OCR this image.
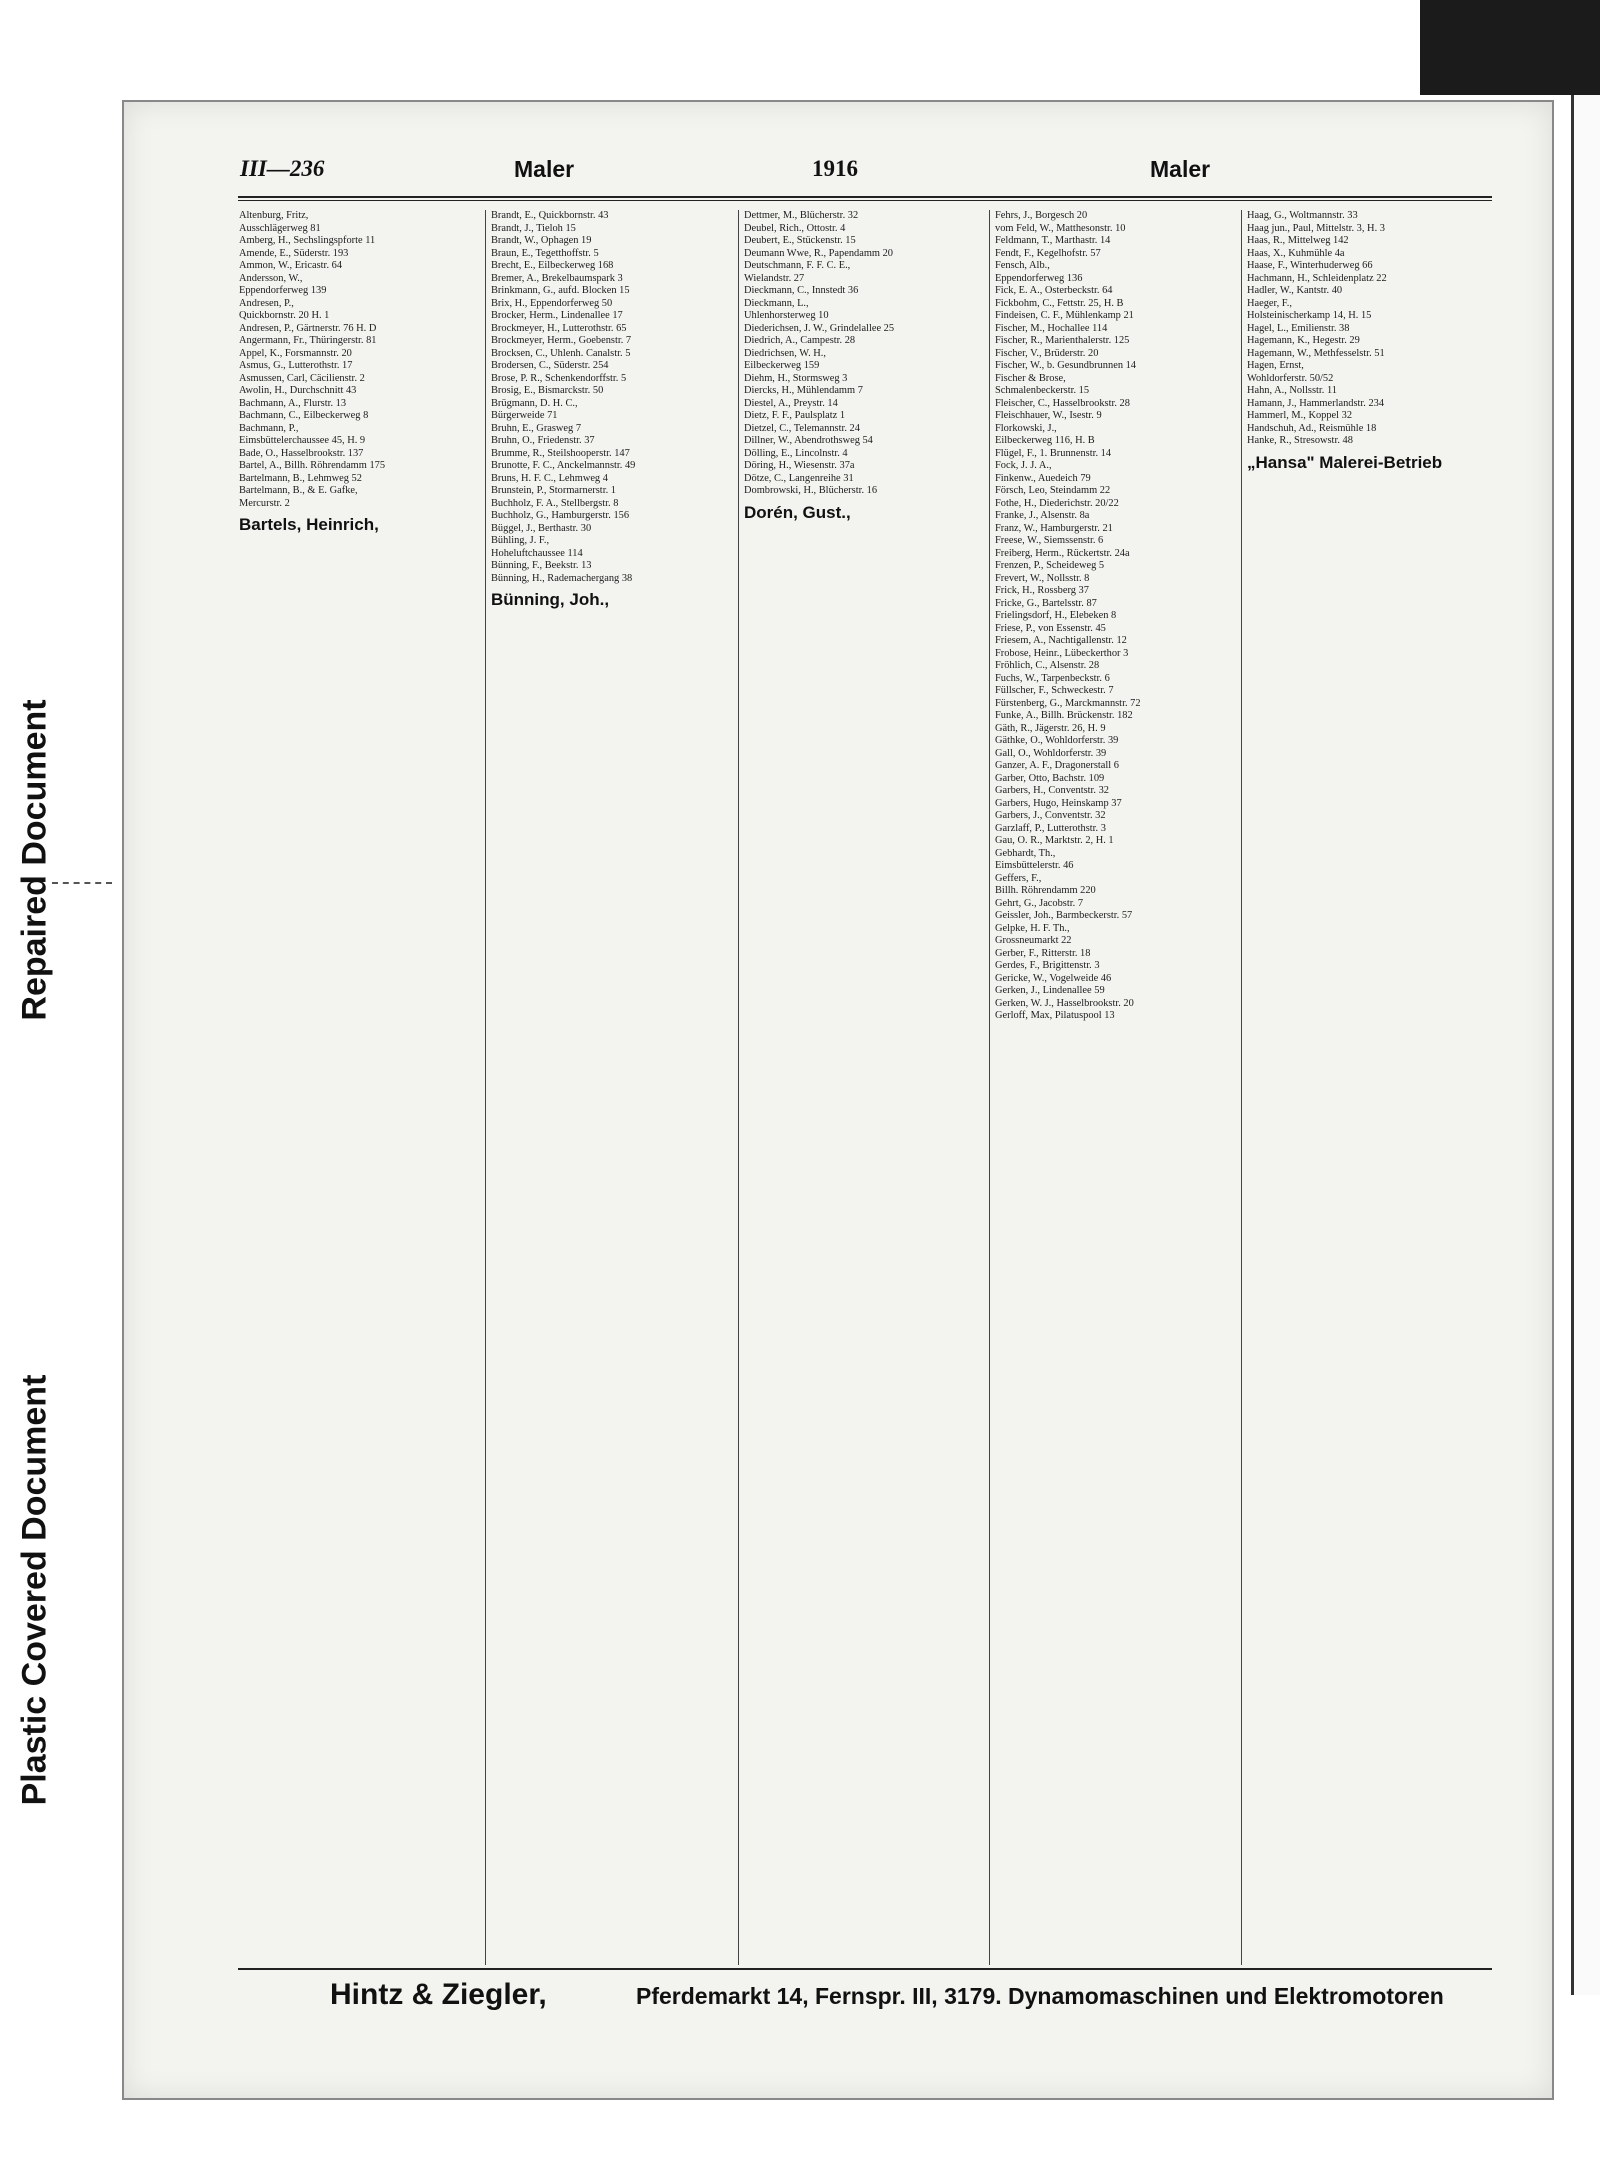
Repaired Document
Plastic Covered Document
III—236	Maler	1916	Maler
Altenburg, Fritz,
Ausschlägerweg 81
Amberg, H., Sechslingspforte 11
Amende, E., Süderstr. 193
Ammon, W., Ericastr. 64
Andersson, W.,
Eppendorferweg 139
Andresen, P.,
Quickbornstr. 20 H. 1
Andresen, P., Gärtnerstr. 76 H. D
Angermann, Fr., Thüringerstr. 81
Appel, K., Forsmannstr. 20
Asmus, G., Lutterothstr. 17
Asmussen, Carl, Cäcilienstr. 2
Awolin, H., Durchschnitt 43
Bachmann, A., Flurstr. 13
Bachmann, C., Eilbeckerweg 8
Bachmann, P.,
Eimsbüttelerchaussee 45, H. 9
Bade, O., Hasselbrookstr. 137
Bartel, A., Billh. Röhrendamm 175
Bartelmann, B., Lehmweg 52
Bartelmann, B., & E. Gafke,
Mercurstr. 2
Bartels, Heinrich,
Brandt, E., Quickbornstr. 43
Brandt, J., Tieloh 15
Brandt, W., Ophagen 19
Braun, E., Tegetthoffstr. 5
Brecht, E., Eilbeckerweg 168
Bremer, A., Brekelbaumspark 3
Brinkmann, G., aufd. Blocken 15
Brix, H., Eppendorferweg 50
Brocker, Herm., Lindenallee 17
Brockmeyer, H., Lutterothstr. 65
Brockmeyer, Herm., Goebenstr. 7
Brocksen, C., Uhlenh. Canalstr. 5
Brodersen, C., Süderstr. 254
Brose, P. R., Schenkendorffstr. 5
Brosig, E., Bismarckstr. 50
Brügmann, D. H. C.,
Bürgerweide 71
Bruhn, E., Grasweg 7
Bruhn, O., Friedenstr. 37
Brumme, R., Steilshooperstr. 147
Brunotte, F. C., Anckelmannstr. 49
Bruns, H. F. C., Lehmweg 4
Brunstein, P., Stormarnerstr. 1
Buchholz, F. A., Stellbergstr. 8
Buchholz, G., Hamburgerstr. 156
Büggel, J., Berthastr. 30
Bühling, J. F.,
Hoheluftchaussee 114
Bünning, F., Beekstr. 13
Bünning, H., Rademachergang 38
Bünning, Joh.,
Dettmer, M., Blücherstr. 32
Deubel, Rich., Ottostr. 4
Deubert, E., Stückenstr. 15
Deumann Wwe, R., Papendamm 20
Deutschmann, F. F. C. E.,
Wielandstr. 27
Dieckmann, C., Innstedt 36
Dieckmann, L.,
Uhlenhorsterweg 10
Diederichsen, J. W., Grindelallee 25
Diedrich, A., Campestr. 28
Diedrichsen, W. H.,
Eilbeckerweg 159
Diehm, H., Stormsweg 3
Diercks, H., Mühlendamm 7
Diestel, A., Preystr. 14
Dietz, F. F., Paulsplatz 1
Dietzel, C., Telemannstr. 24
Dillner, W., Abendrothsweg 54
Dölling, E., Lincolnstr. 4
Döring, H., Wiesenstr. 37a
Dötze, C., Langenreihe 31
Dombrowski, H., Blücherstr. 16
Dorén, Gust.,
Fehrs, J., Borgesch 20
vom Feld, W., Matthesonstr. 10
Feldmann, T., Marthastr. 14
Fendt, F., Kegelhofstr. 57
Fensch, Alb.,
Eppendorferweg 136
Fick, E. A., Osterbeckstr. 64
Fickbohm, C., Fettstr. 25, H. B
Findeisen, C. F., Mühlenkamp 21
Fischer, M., Hochallee 114
Fischer, R., Marienthalerstr. 125
Fischer, V., Brüderstr. 20
Fischer, W., b. Gesundbrunnen 14
Fischer & Brose,
Schmalenbeckerstr. 15
Fleischer, C., Hasselbrookstr. 28
Fleischhauer, W., Isestr. 9
Florkowski, J.,
Eilbeckerweg 116, H. B
Flügel, F., 1. Brunnenstr. 14
Fock, J. J. A.,
Finkenw., Auedeich 79
Försch, Leo, Steindamm 22
Fothe, H., Diederichstr. 20/22
Franke, J., Alsenstr. 8a
Franz, W., Hamburgerstr. 21
Freese, W., Siemssenstr. 6
Freiberg, Herm., Rückertstr. 24a
Frenzen, P., Scheideweg 5
Frevert, W., Nollsstr. 8
Frick, H., Rossberg 37
Fricke, G., Bartelsstr. 87
Frielingsdorf, H., Elebeken 8
Friese, P., von Essenstr. 45
Friesem, A., Nachtigallenstr. 12
Frobose, Heinr., Lübeckerthor 3
Fröhlich, C., Alsenstr. 28
Fuchs, W., Tarpenbeckstr. 6
Füllscher, F., Schweckestr. 7
Fürstenberg, G., Marckmannstr. 72
Funke, A., Billh. Brückenstr. 182
Gäth, R., Jägerstr. 26, H. 9
Gäthke, O., Wohldorferstr. 39
Gall, O., Wohldorferstr. 39
Ganzer, A. F., Dragonerstall 6
Garber, Otto, Bachstr. 109
Garbers, H., Conventstr. 32
Garbers, Hugo, Heinskamp 37
Garbers, J., Conventstr. 32
Garzlaff, P., Lutterothstr. 3
Gau, O. R., Marktstr. 2, H. 1
Gebhardt, Th.,
Eimsbüttelerstr. 46
Geffers, F.,
Billh. Röhrendamm 220
Gehrt, G., Jacobstr. 7
Geissler, Joh., Barmbeckerstr. 57
Gelpke, H. F. Th.,
Grossneumarkt 22
Gerber, F., Ritterstr. 18
Gerdes, F., Brigittenstr. 3
Gericke, W., Vogelweide 46
Gerken, J., Lindenallee 59
Gerken, W. J., Hasselbrookstr. 20
Gerloff, Max, Pilatuspool 13
Haag, G., Woltmannstr. 33
Haag jun., Paul, Mittelstr. 3, H. 3
Haas, R., Mittelweg 142
Haas, X., Kuhmühle 4a
Haase, F., Winterhuderweg 66
Hachmann, H., Schleidenplatz 22
Hadler, W., Kantstr. 40
Haeger, F.,
Holsteinischerkamp 14, H. 15
Hagel, L., Emilienstr. 38
Hagemann, K., Hegestr. 29
Hagemann, W., Methfesselstr. 51
Hagen, Ernst,
Wohldorferstr. 50/52
Hahn, A., Nollsstr. 11
Hamann, J., Hammerlandstr. 234
Hammerl, M., Koppel 32
Handschuh, Ad., Reismühle 18
Hanke, R., Stresowstr. 48
„Hansa" Malerei-Betrieb
Hintz & Ziegler,	Pferdemarkt 14, Fernspr. III, 3179. Dynamomaschinen und Elektromotoren
